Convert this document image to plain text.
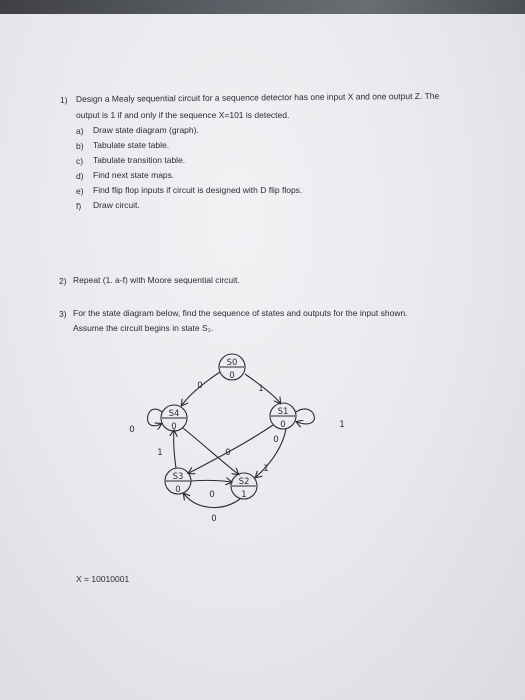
1) Design a Mealy sequential circuit for a sequence detector has one input X and one output Z. The
output is 1 if and only if the sequence X=101 is detected.
a) Draw state diagram (graph).
b) Tabulate state table.
c) Tabulate transition table.
d) Find next state maps.
e) Find flip flop inputs if circuit is designed with D flip flops.
f) Draw circuit.
2) Repeat (1. a-f) with Moore sequential circuit.
3) For the state diagram below, find the sequence of states and outputs for the input shown.
Assume the circuit begins in state S₂.
S0
0
S1
0
S2
1
S3
0
S4
0
0	1
0	1
1	0
0
1
0
0
X = 10010001
